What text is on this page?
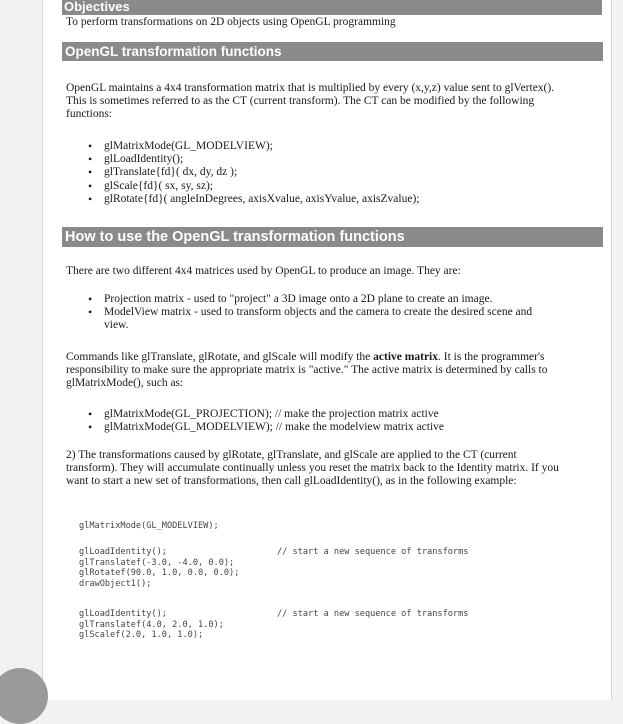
Objectives
To perform transformations on 2D objects using OpenGL programming
OpenGL transformation functions
OpenGL maintains a 4x4 transformation matrix that is multiplied by every (x,y,z) value sent to glVertex(). This is sometimes referred to as the CT (current transform). The CT can be modified by the following functions:
• glMatrixMode(GL_MODELVIEW);
• glLoadIdentity();
• glTranslate{fd}( dx, dy, dz );
• glScale{fd}( sx, sy, sz);
• glRotate{fd}( angleInDegrees, axisXvalue, axisYvalue, axisZvalue);
How to use the OpenGL transformation functions
There are two different 4x4 matrices used by OpenGL to produce an image. They are:
• Projection matrix - used to "project" a 3D image onto a 2D plane to create an image.
• ModelView matrix - used to transform objects and the camera to create the desired scene and view.
Commands like glTranslate, glRotate, and glScale will modify the active matrix. It is the programmer's responsibility to make sure the appropriate matrix is "active." The active matrix is determined by calls to glMatrixMode(), such as:
• glMatrixMode(GL_PROJECTION); // make the projection matrix active
• glMatrixMode(GL_MODELVIEW); // make the modelview matrix active
2) The transformations caused by glRotate, glTranslate, and glScale are applied to the CT (current transform). They will accumulate continually unless you reset the matrix back to the Identity matrix. If you want to start a new set of transformations, then call glLoadIdentity(), as in the following example:
glMatrixMode(GL_MODELVIEW);
glLoadIdentity();
glTranslatef(-3.0, -4.0, 0.0);
glRotatef(90.0, 1.0, 0.0, 0.0);
drawObject1();
// start a new sequence of transforms
glLoadIdentity();
glTranslatef(4.0, 2.0, 1.0);
glScalef(2.0, 1.0, 1.0);
// start a new sequence of transforms
